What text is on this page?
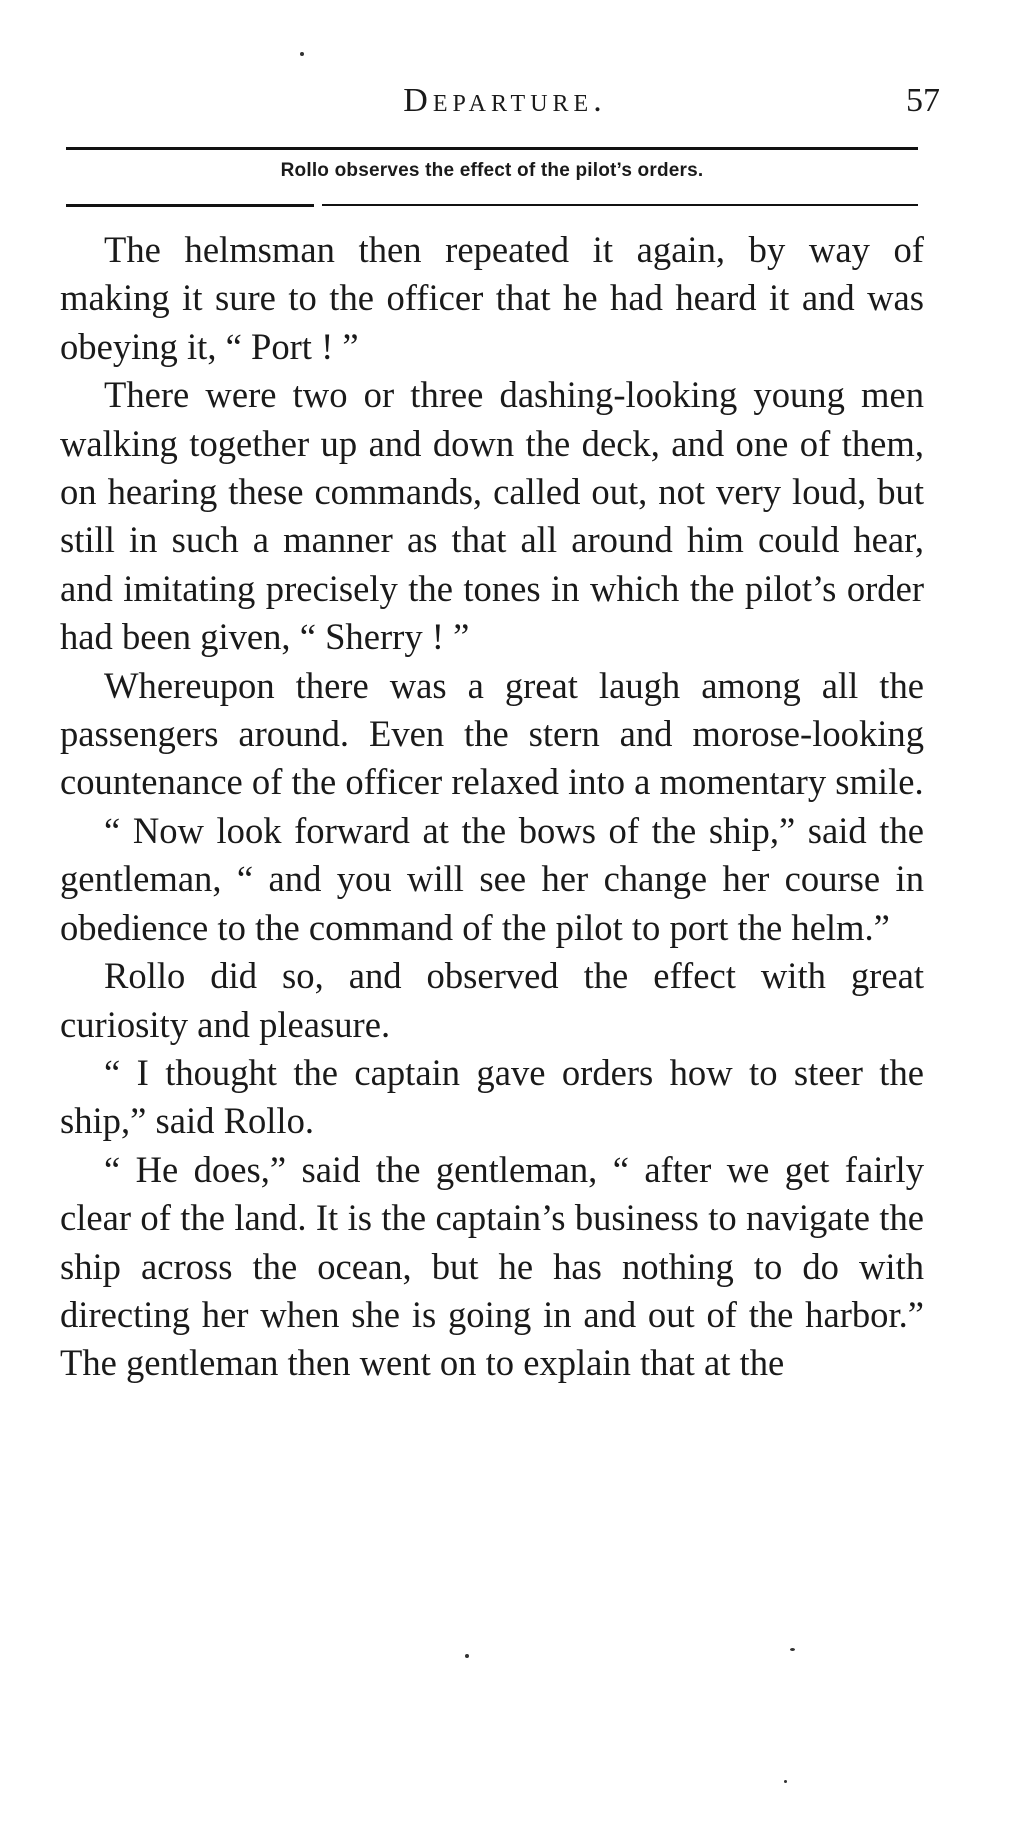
Departure.	57
Rollo observes the effect of the pilot’s orders.

The helmsman then repeated it again, by way of making it sure to the officer that he had heard it and was obeying it, “ Port ! ”

There were two or three dashing-looking young men walking together up and down the deck, and one of them, on hearing these commands, called out, not very loud, but still in such a manner as that all around him could hear, and imitating precisely the tones in which the pilot’s order had been given, “ Sherry ! ”

Whereupon there was a great laugh among all the passengers around. Even the stern and morose-looking countenance of the officer relaxed into a momentary smile.

“ Now look forward at the bows of the ship,” said the gentleman, “ and you will see her change her course in obedience to the command of the pilot to port the helm.”

Rollo did so, and observed the effect with great curiosity and pleasure.

“ I thought the captain gave orders how to steer the ship,” said Rollo.

“ He does,” said the gentleman, “ after we get fairly clear of the land. It is the captain’s business to navigate the ship across the ocean, but he has nothing to do with directing her when she is going in and out of the harbor.” The gentleman then went on to explain that at the
